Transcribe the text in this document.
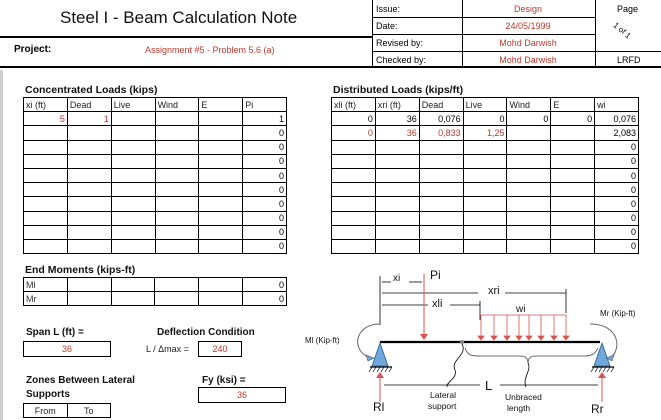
Steel I - Beam Calculation Note
Project:	Assignment #5 - Problem 5.6 (a)
Issue:	Design
Date:	24/05/1999
Revised by:	Mohd Darwish
Checked by:	Mohd Darwish
Page
1 of 1
LRFD
Concentrated Loads (kips)
xi (ft)	Dead	Live	Wind	E	Pi
5	1				1
					0
					0
					0
					0
					0
					0
					0
					0
					0
End Moments (kips-ft)
Ml					0
Mr					0
Distributed Loads (kips/ft)
xli (ft)	xri (ft)	Dead	Live	Wind	E	wi
0	36	0,076	0	0	0	0,076
0	36	0,833	1,25			2,083
						0
						0
						0
						0
						0
						0
						0
						0
Span L (ft) =
36
Deflection Condition
L / Δmax =	240
Zones Between Lateral
Supports
From	To
Fy (ksi) =
36
xi Pi
xri
xli	wi
Ml (Kip-ft)
Mr (Kip-ft)
L
Rl	Rr
Lateral
support
Unbraced
length
